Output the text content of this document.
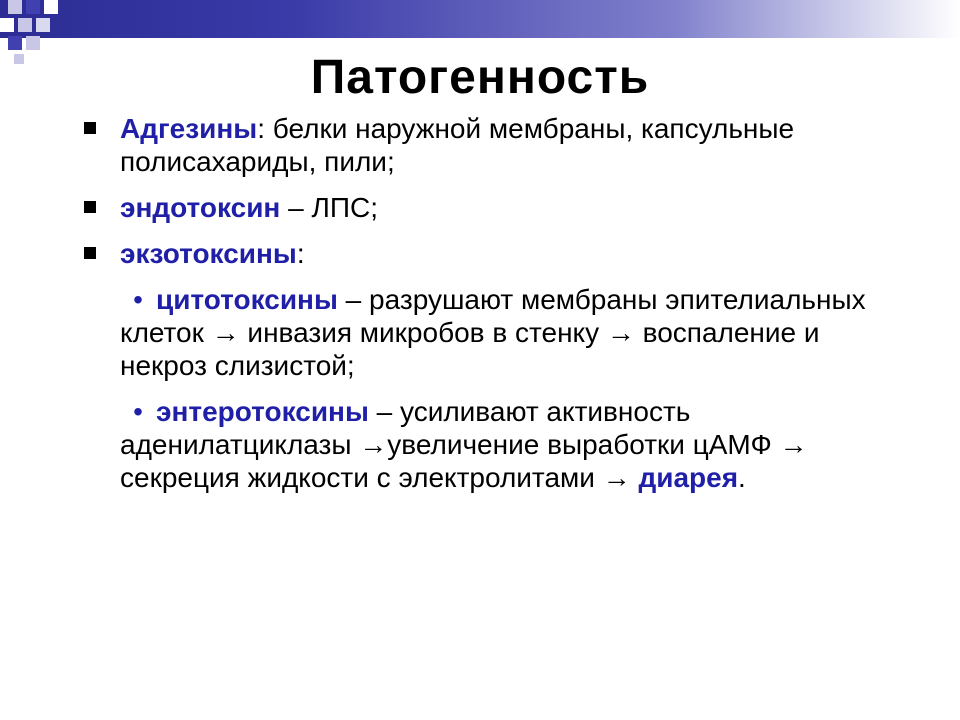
Патогенность
Адгезины: белки наружной мембраны, капсульные полисахариды, пили;
эндотоксин – ЛПС;
экзотоксины:
• цитотоксины – разрушают мембраны эпителиальных клеток → инвазия микробов в стенку → воспаление и некроз слизистой;
• энтеротоксины – усиливают активность аденилатциклазы →увеличение выработки цАМФ → секреция жидкости с электролитами → диарея.
